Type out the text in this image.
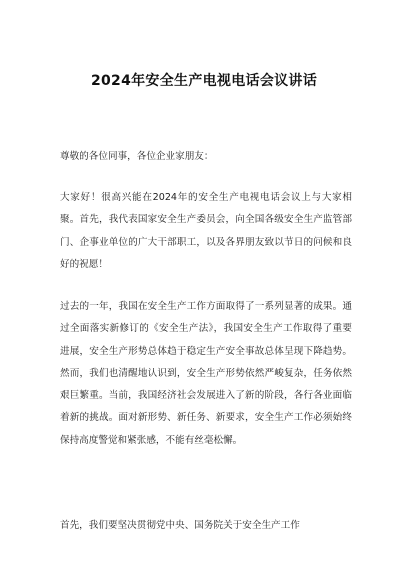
2024年安全生产电视电话会议讲话

尊敬的各位同事，各位企业家朋友：

大家好！很高兴能在2024年的安全生产电视电话会议上与大家相聚。首先，我代表国家安全生产委员会，向全国各级安全生产监管部门、企事业单位的广大干部职工，以及各界朋友致以节日的问候和良好的祝愿！

过去的一年，我国在安全生产工作方面取得了一系列显著的成果。通过全面落实新修订的《安全生产法》，我国安全生产工作取得了重要进展，安全生产形势总体趋于稳定生产安全事故总体呈现下降趋势。然而，我们也清醒地认识到，安全生产形势依然严峻复杂，任务依然艰巨繁重。当前，我国经济社会发展进入了新的阶段，各行各业面临着新的挑战。面对新形势、新任务、新要求，安全生产工作必须始终保持高度警觉和紧张感，不能有丝毫松懈。

首先，我们要坚决贯彻党中央、国务院关于安全生产工作
